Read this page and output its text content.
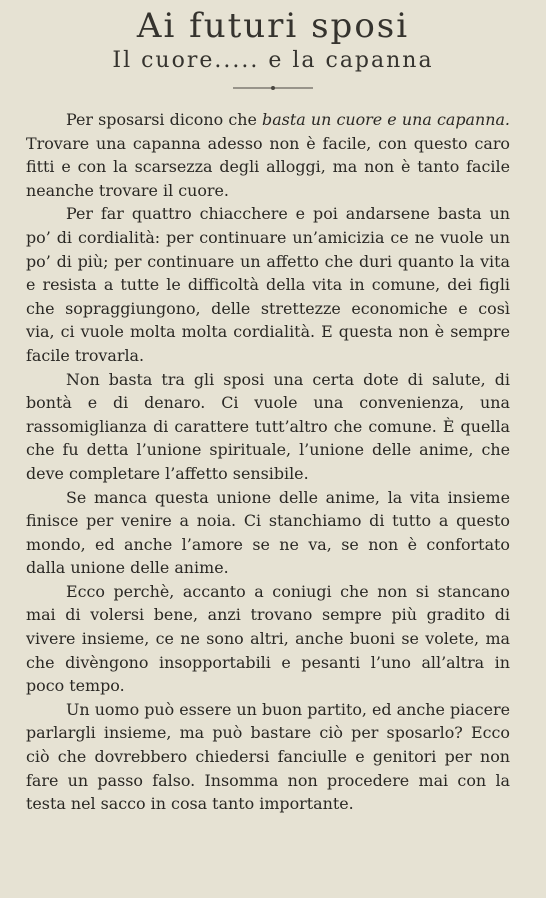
Ai futuri sposi
Il cuore..... e la capanna

Per sposarsi dicono che basta un cuore e una capanna. Trovare una capanna adesso non è facile, con questo caro fitti e con la scarsezza degli alloggi, ma non è tanto facile neanche trovare il cuore.

Per far quattro chiacchere e poi andarsene basta un po’ di cordialità: per continuare un’amicizia ce ne vuole un po’ di più; per continuare un affetto che duri quanto la vita e resista a tutte le difficoltà della vita in comune, dei figli che sopraggiungono, delle strettezze economiche e così via, ci vuole molta molta cordialità. E questa non è sempre facile trovarla.

Non basta tra gli sposi una certa dote di salute, di bontà e di denaro. Ci vuole una convenienza, una rassomiglianza di carattere tutt’altro che comune. È quella che fu detta l’unione spirituale, l’unione delle anime, che deve completare l’affetto sensibile.

Se manca questa unione delle anime, la vita insieme finisce per venire a noia. Ci stanchiamo di tutto a questo mondo, ed anche l’amore se ne va, se non è confortato dalla unione delle anime.

Ecco perchè, accanto a coniugi che non si stancano mai di volersi bene, anzi trovano sempre più gradito di vivere insieme, ce ne sono altri, anche buoni se volete, ma che divèngono insopportabili e pesanti l’uno all’altra in poco tempo.

Un uomo può essere un buon partito, ed anche piacere parlargli insieme, ma può bastare ciò per sposarlo? Ecco ciò che dovrebbero chiedersi fanciulle e genitori per non fare un passo falso. Insomma non procedere mai con la testa nel sacco in cosa tanto importante.
